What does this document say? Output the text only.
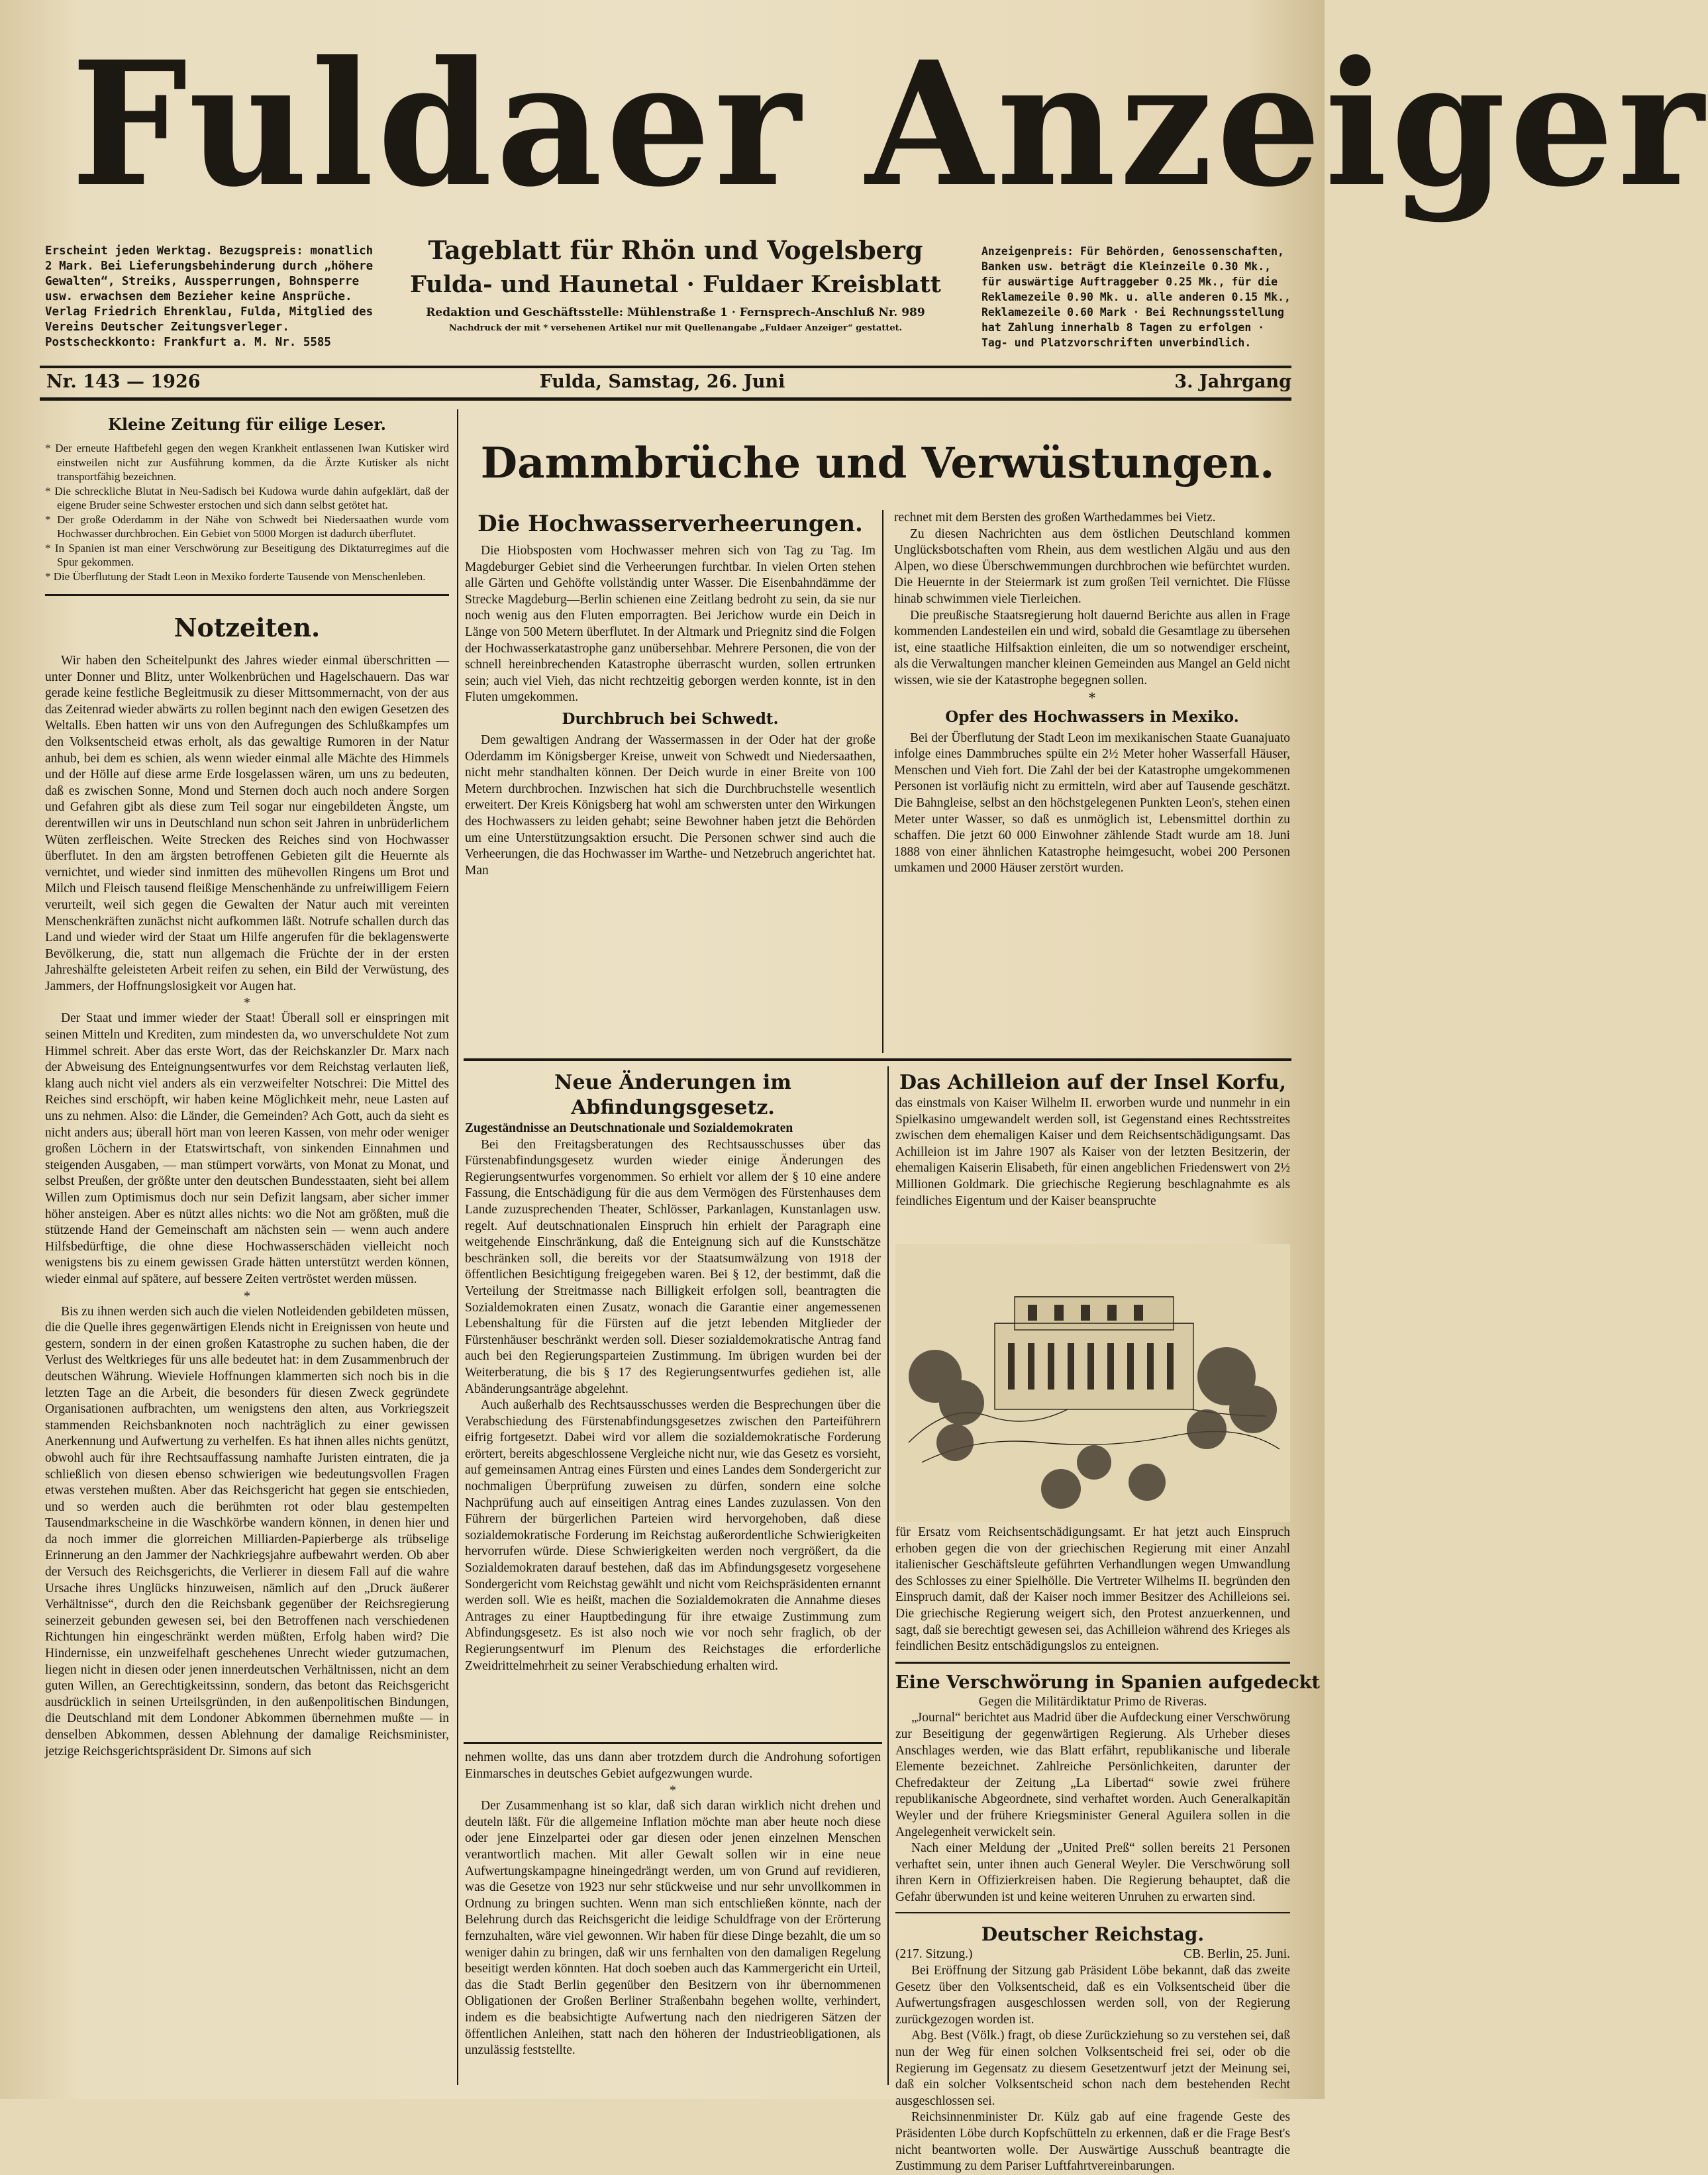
Fuldaer Anzeiger
Erscheint jeden Werktag. Bezugspreis: monatlich 2 Mark. Bei Lieferungsbehinderung durch „höhere Gewalten“, Streiks, Aussperrungen, Bohnsperre usw. erwachsen dem Bezieher keine Ansprüche. Verlag Friedrich Ehrenklau, Fulda, Mitglied des Vereins Deutscher Zeitungsverleger. Postscheckkonto: Frankfurt a. M. Nr. 5585
Tageblatt für Rhön und Vogelsberg
Fulda- und Haunetal · Fuldaer Kreisblatt
Redaktion und Geschäftsstelle: Mühlenstraße 1 · Fernsprech-Anschluß Nr. 989
Nachdruck der mit * versehenen Artikel nur mit Quellenangabe „Fuldaer Anzeiger“ gestattet.
Anzeigenpreis: Für Behörden, Genossenschaften, Banken usw. beträgt die Kleinzeile 0.30 Mk., für auswärtige Auftraggeber 0.25 Mk., für die Reklamezeile 0.90 Mk. u. alle anderen 0.15 Mk., Reklamezeile 0.60 Mark · Bei Rechnungsstellung hat Zahlung innerhalb 8 Tagen zu erfolgen · Tag- und Platzvorschriften unverbindlich.
Nr. 143 — 1926	Fulda, Samstag, 26. Juni	3. Jahrgang
Kleine Zeitung für eilige Leser.
* Der erneute Haftbefehl gegen den wegen Krankheit entlassenen Iwan Kutisker wird einstweilen nicht zur Ausführung kommen, da die Ärzte Kutisker als nicht transportfähig bezeichnen.
* Die schreckliche Blutat in Neu-Sadisch bei Kudowa wurde dahin aufgeklärt, daß der eigene Bruder seine Schwester erstochen und sich dann selbst getötet hat.
* Der große Oderdamm in der Nähe von Schwedt bei Niedersaathen wurde vom Hochwasser durchbrochen. Ein Gebiet von 5000 Morgen ist dadurch überflutet.
* In Spanien ist man einer Verschwörung zur Beseitigung des Diktaturregimes auf die Spur gekommen.
* Die Überflutung der Stadt Leon in Mexiko forderte Tausende von Menschenleben.
Notzeiten.

Wir haben den Scheitelpunkt des Jahres wieder einmal überschritten — unter Donner und Blitz, unter Wolkenbrüchen und Hagelschauern. Das war gerade keine festliche Begleitmusik zu dieser Mittsommernacht, von der aus das Zeitenrad wieder abwärts zu rollen beginnt nach den ewigen Gesetzen des Weltalls. Eben hatten wir uns von den Aufregungen des Schlußkampfes um den Volksentscheid etwas erholt, als das gewaltige Rumoren in der Natur anhub, bei dem es schien, als wenn wieder einmal alle Mächte des Himmels und der Hölle auf diese arme Erde losgelassen wären, um uns zu bedeuten, daß es zwischen Sonne, Mond und Sternen doch auch noch andere Sorgen und Gefahren gibt als diese zum Teil sogar nur eingebildeten Ängste, um derentwillen wir uns in Deutschland nun schon seit Jahren in unbrüderlichem Wüten zerfleischen. Weite Strecken des Reiches sind von Hochwasser überflutet. In den am ärgsten betroffenen Gebieten gilt die Heuernte als vernichtet, und wieder sind inmitten des mühevollen Ringens um Brot und Milch und Fleisch tausend fleißige Menschenhände zu unfreiwilligem Feiern verurteilt, weil sich gegen die Gewalten der Natur auch mit vereinten Menschenkräften zunächst nicht aufkommen läßt. Notrufe schallen durch das Land und wieder wird der Staat um Hilfe angerufen für die beklagenswerte Bevölkerung, die, statt nun allgemach die Früchte der in der ersten Jahreshälfte geleisteten Arbeit reifen zu sehen, ein Bild der Verwüstung, des Jammers, der Hoffnungslosigkeit vor Augen hat.

*

Der Staat und immer wieder der Staat! Überall soll er einspringen mit seinen Mitteln und Krediten, zum mindesten da, wo unverschuldete Not zum Himmel schreit. Aber das erste Wort, das der Reichskanzler Dr. Marx nach der Abweisung des Enteignungsentwurfes vor dem Reichstag verlauten ließ, klang auch nicht viel anders als ein verzweifelter Notschrei: Die Mittel des Reiches sind erschöpft, wir haben keine Möglichkeit mehr, neue Lasten auf uns zu nehmen. Also: die Länder, die Gemeinden? Ach Gott, auch da sieht es nicht anders aus; überall hört man von leeren Kassen, von mehr oder weniger großen Löchern in der Etatswirtschaft, von sinkenden Einnahmen und steigenden Ausgaben, — man stümpert vorwärts, von Monat zu Monat, und selbst Preußen, der größte unter den deutschen Bundesstaaten, sieht bei allem Willen zum Optimismus doch nur sein Defizit langsam, aber sicher immer höher ansteigen. Aber es nützt alles nichts: wo die Not am größten, muß die stützende Hand der Gemeinschaft am nächsten sein — wenn auch andere Hilfsbedürftige, die ohne diese Hochwasserschäden vielleicht noch wenigstens bis zu einem gewissen Grade hätten unterstützt werden können, wieder einmal auf spätere, auf bessere Zeiten vertröstet werden müssen.

*

Bis zu ihnen werden sich auch die vielen Notleidenden gebildeten müssen, die die Quelle ihres gegenwärtigen Elends nicht in Ereignissen von heute und gestern, sondern in der einen großen Katastrophe zu suchen haben, die der Verlust des Weltkrieges für uns alle bedeutet hat: in dem Zusammenbruch der deutschen Währung. Wieviele Hoffnungen klammerten sich noch bis in die letzten Tage an die Arbeit, die besonders für diesen Zweck gegründete Organisationen aufbrachten, um wenigstens den alten, aus Vorkriegszeit stammenden Reichsbanknoten noch nachträglich zu einer gewissen Anerkennung und Aufwertung zu verhelfen. Es hat ihnen alles nichts genützt, obwohl auch für ihre Rechtsauffassung namhafte Juristen eintraten, die ja schließlich von diesen ebenso schwierigen wie bedeutungsvollen Fragen etwas verstehen mußten. Aber das Reichsgericht hat gegen sie entschieden, und so werden auch die berühmten rot oder blau gestempelten Tausendmarkscheine in die Waschkörbe wandern können, in denen hier und da noch immer die glorreichen Milliarden-Papierberge als trübselige Erinnerung an den Jammer der Nachkriegsjahre aufbewahrt werden. Ob aber der Versuch des Reichsgerichts, die Verlierer in diesem Fall auf die wahre Ursache ihres Unglücks hinzuweisen, nämlich auf den „Druck äußerer Verhältnisse“, durch den die Reichsbank gegenüber der Reichsregierung seinerzeit gebunden gewesen sei, bei den Betroffenen nach verschiedenen Richtungen hin eingeschränkt werden müßten, Erfolg haben wird? Die Hindernisse, ein unzweifelhaft geschehenes Unrecht wieder gutzumachen, liegen nicht in diesen oder jenen innerdeutschen Verhältnissen, nicht an dem guten Willen, an Gerechtigkeitssinn, sondern, das betont das Reichsgericht ausdrücklich in seinen Urteilsgründen, in den außenpolitischen Bindungen, die Deutschland mit dem Londoner Abkommen übernehmen mußte — in denselben Abkommen, dessen Ablehnung der damalige Reichsminister, jetzige Reichsgerichtspräsident Dr. Simons auf sich

Dammbrüche und Verwüstungen.
Die Hochwasserverheerungen.

Die Hiobsposten vom Hochwasser mehren sich von Tag zu Tag. Im Magdeburger Gebiet sind die Verheerungen furchtbar. In vielen Orten stehen alle Gärten und Gehöfte vollständig unter Wasser. Die Eisenbahndämme der Strecke Magdeburg—Berlin schienen eine Zeitlang bedroht zu sein, da sie nur noch wenig aus den Fluten emporragten. Bei Jerichow wurde ein Deich in Länge von 500 Metern überflutet. In der Altmark und Priegnitz sind die Folgen der Hochwasserkatastrophe ganz unübersehbar. Mehrere Personen, die von der schnell hereinbrechenden Katastrophe überrascht wurden, sollen ertrunken sein; auch viel Vieh, das nicht rechtzeitig geborgen werden konnte, ist in den Fluten umgekommen.

Durchbruch bei Schwedt.

Dem gewaltigen Andrang der Wassermassen in der Oder hat der große Oderdamm im Königsberger Kreise, unweit von Schwedt und Niedersaathen, nicht mehr standhalten können. Der Deich wurde in einer Breite von 100 Metern durchbrochen. Inzwischen hat sich die Durchbruchstelle wesentlich erweitert. Der Kreis Königsberg hat wohl am schwersten unter den Wirkungen des Hochwassers zu leiden gehabt; seine Bewohner haben jetzt die Behörden um eine Unterstützungsaktion ersucht. Die Personen schwer sind auch die Verheerungen, die das Hochwasser im Warthe- und Netzebruch angerichtet hat. Man

rechnet mit dem Bersten des großen Warthedammes bei Vietz.

Zu diesen Nachrichten aus dem östlichen Deutschland kommen Unglücksbotschaften vom Rhein, aus dem westlichen Algäu und aus den Alpen, wo diese Überschwemmungen durchbrochen wie befürchtet wurden. Die Heuernte in der Steiermark ist zum großen Teil vernichtet. Die Flüsse hinab schwimmen viele Tierleichen.

Die preußische Staatsregierung holt dauernd Berichte aus allen in Frage kommenden Landesteilen ein und wird, sobald die Gesamtlage zu übersehen ist, eine staatliche Hilfsaktion einleiten, die um so notwendiger erscheint, als die Verwaltungen mancher kleinen Gemeinden aus Mangel an Geld nicht wissen, wie sie der Katastrophe begegnen sollen.

*
Opfer des Hochwassers in Mexiko.

Bei der Überflutung der Stadt Leon im mexikanischen Staate Guanajuato infolge eines Dammbruches spülte ein 2½ Meter hoher Wasserfall Häuser, Menschen und Vieh fort. Die Zahl der bei der Katastrophe umgekommenen Personen ist vorläufig nicht zu ermitteln, wird aber auf Tausende geschätzt. Die Bahngleise, selbst an den höchstgelegenen Punkten Leon's, stehen einen Meter unter Wasser, so daß es unmöglich ist, Lebensmittel dorthin zu schaffen. Die jetzt 60 000 Einwohner zählende Stadt wurde am 18. Juni 1888 von einer ähnlichen Katastrophe heimgesucht, wobei 200 Personen umkamen und 2000 Häuser zerstört wurden.

Neue Änderungen im Abfindungsgesetz.
Zugeständnisse an Deutschnationale und Sozialdemokraten

Bei den Freitagsberatungen des Rechtsausschusses über das Fürstenabfindungsgesetz wurden wieder einige Änderungen des Regierungsentwurfes vorgenommen. So erhielt vor allem der § 10 eine andere Fassung, die Entschädigung für die aus dem Vermögen des Fürstenhauses dem Lande zuzusprechenden Theater, Schlösser, Parkanlagen, Kunstanlagen usw. regelt. Auf deutschnationalen Einspruch hin erhielt der Paragraph eine weitgehende Einschränkung, daß die Enteignung sich auf die Kunstschätze beschränken soll, die bereits vor der Staatsumwälzung von 1918 der öffentlichen Besichtigung freigegeben waren. Bei § 12, der bestimmt, daß die Verteilung der Streitmasse nach Billigkeit erfolgen soll, beantragten die Sozialdemokraten einen Zusatz, wonach die Garantie einer angemessenen Lebenshaltung für die Fürsten auf die jetzt lebenden Mitglieder der Fürstenhäuser beschränkt werden soll. Dieser sozialdemokratische Antrag fand auch bei den Regierungsparteien Zustimmung. Im übrigen wurden bei der Weiterberatung, die bis § 17 des Regierungsentwurfes gediehen ist, alle Abänderungsanträge abgelehnt.

Auch außerhalb des Rechtsausschusses werden die Besprechungen über die Verabschiedung des Fürstenabfindungsgesetzes zwischen den Parteiführern eifrig fortgesetzt. Dabei wird vor allem die sozialdemokratische Forderung erörtert, bereits abgeschlossene Vergleiche nicht nur, wie das Gesetz es vorsieht, auf gemeinsamen Antrag eines Fürsten und eines Landes dem Sondergericht zur nochmaligen Überprüfung zuweisen zu dürfen, sondern eine solche Nachprüfung auch auf einseitigen Antrag eines Landes zuzulassen. Von den Führern der bürgerlichen Parteien wird hervorgehoben, daß diese sozialdemokratische Forderung im Reichstag außerordentliche Schwierigkeiten hervorrufen würde. Diese Schwierigkeiten werden noch vergrößert, da die Sozialdemokraten darauf bestehen, daß das im Abfindungsgesetz vorgesehene Sondergericht vom Reichstag gewählt und nicht vom Reichspräsidenten ernannt werden soll. Wie es heißt, machen die Sozialdemokraten die Annahme dieses Antrages zu einer Hauptbedingung für ihre etwaige Zustimmung zum Abfindungsgesetz. Es ist also noch wie vor noch sehr fraglich, ob der Regierungsentwurf im Plenum des Reichstages die erforderliche Zweidrittelmehrheit zu seiner Verabschiedung erhalten wird.

nehmen wollte, das uns dann aber trotzdem durch die Androhung sofortigen Einmarsches in deutsches Gebiet aufgezwungen wurde.

*

Der Zusammenhang ist so klar, daß sich daran wirklich nicht drehen und deuteln läßt. Für die allgemeine Inflation möchte man aber heute noch diese oder jene Einzelpartei oder gar diesen oder jenen einzelnen Menschen verantwortlich machen. Mit aller Gewalt sollen wir in eine neue Aufwertungskampagne hineingedrängt werden, um von Grund auf revidieren, was die Gesetze von 1923 nur sehr stückweise und nur sehr unvollkommen in Ordnung zu bringen suchten. Wenn man sich entschließen könnte, nach der Belehrung durch das Reichsgericht die leidige Schuldfrage von der Erörterung fernzuhalten, wäre viel gewonnen. Wir haben für diese Dinge bezahlt, die um so weniger dahin zu bringen, daß wir uns fernhalten von den damaligen Regelung beseitigt werden könnten. Hat doch soeben auch das Kammergericht ein Urteil, das die Stadt Berlin gegenüber den Besitzern von ihr übernommenen Obligationen der Großen Berliner Straßenbahn begehen wollte, verhindert, indem es die beabsichtigte Aufwertung nach den niedrigeren Sätzen der öffentlichen Anleihen, statt nach den höheren der Industrieobligationen, als unzulässig feststellte.

Das Achilleion auf der Insel Korfu,

das einstmals von Kaiser Wilhelm II. erworben wurde und nunmehr in ein Spielkasino umgewandelt werden soll, ist Gegenstand eines Rechtsstreites zwischen dem ehemaligen Kaiser und dem Reichsentschädigungsamt. Das Achilleion ist im Jahre 1907 als Kaiser von der letzten Besitzerin, der ehemaligen Kaiserin Elisabeth, für einen angeblichen Friedenswert von 2½ Millionen Goldmark. Die griechische Regierung beschlagnahmte es als feindliches Eigentum und der Kaiser beanspruchte

für Ersatz vom Reichsentschädigungsamt. Er hat jetzt auch Einspruch erhoben gegen die von der griechischen Regierung mit einer Anzahl italienischer Geschäftsleute geführten Verhandlungen wegen Umwandlung des Schlosses zu einer Spielhölle. Die Vertreter Wilhelms II. begründen den Einspruch damit, daß der Kaiser noch immer Besitzer des Achilleions sei. Die griechische Regierung weigert sich, den Protest anzuerkennen, und sagt, daß sie berechtigt gewesen sei, das Achilleion während des Krieges als feindlichen Besitz entschädigungslos zu enteignen.

Eine Verschwörung in Spanien aufgedeckt
Gegen die Militärdiktatur Primo de Riveras.

„Journal“ berichtet aus Madrid über die Aufdeckung einer Verschwörung zur Beseitigung der gegenwärtigen Regierung. Als Urheber dieses Anschlages werden, wie das Blatt erfährt, republikanische und liberale Elemente bezeichnet. Zahlreiche Persönlichkeiten, darunter der Chefredakteur der Zeitung „La Libertad“ sowie zwei frühere republikanische Abgeordnete, sind verhaftet worden. Auch Generalkapitän Weyler und der frühere Kriegsminister General Aguilera sollen in die Angelegenheit verwickelt sein.

Nach einer Meldung der „United Preß“ sollen bereits 21 Personen verhaftet sein, unter ihnen auch General Weyler. Die Verschwörung soll ihren Kern in Offizierkreisen haben. Die Regierung behauptet, daß die Gefahr überwunden ist und keine weiteren Unruhen zu erwarten sind.

Deutscher Reichstag.
(217. Sitzung.)	CB. Berlin, 25. Juni.

Bei Eröffnung der Sitzung gab Präsident Löbe bekannt, daß das zweite Gesetz über den Volksentscheid, daß es ein Volksentscheid über die Aufwertungsfragen ausgeschlossen werden soll, von der Regierung zurückgezogen worden ist.

Abg. Best (Völk.) fragt, ob diese Zurückziehung so zu verstehen sei, daß nun der Weg für einen solchen Volksentscheid frei sei, oder ob die Regierung im Gegensatz zu diesem Gesetzentwurf jetzt der Meinung sei, daß ein solcher Volksentscheid schon nach dem bestehenden Recht ausgeschlossen sei.

Reichsinnenminister Dr. Külz gab auf eine fragende Geste des Präsidenten Löbe durch Kopfschütteln zu erkennen, daß er die Frage Best's nicht beantworten wolle. Der Auswärtige Ausschuß beantragte die Zustimmung zu dem Pariser Luftfahrtvereinbarungen.
